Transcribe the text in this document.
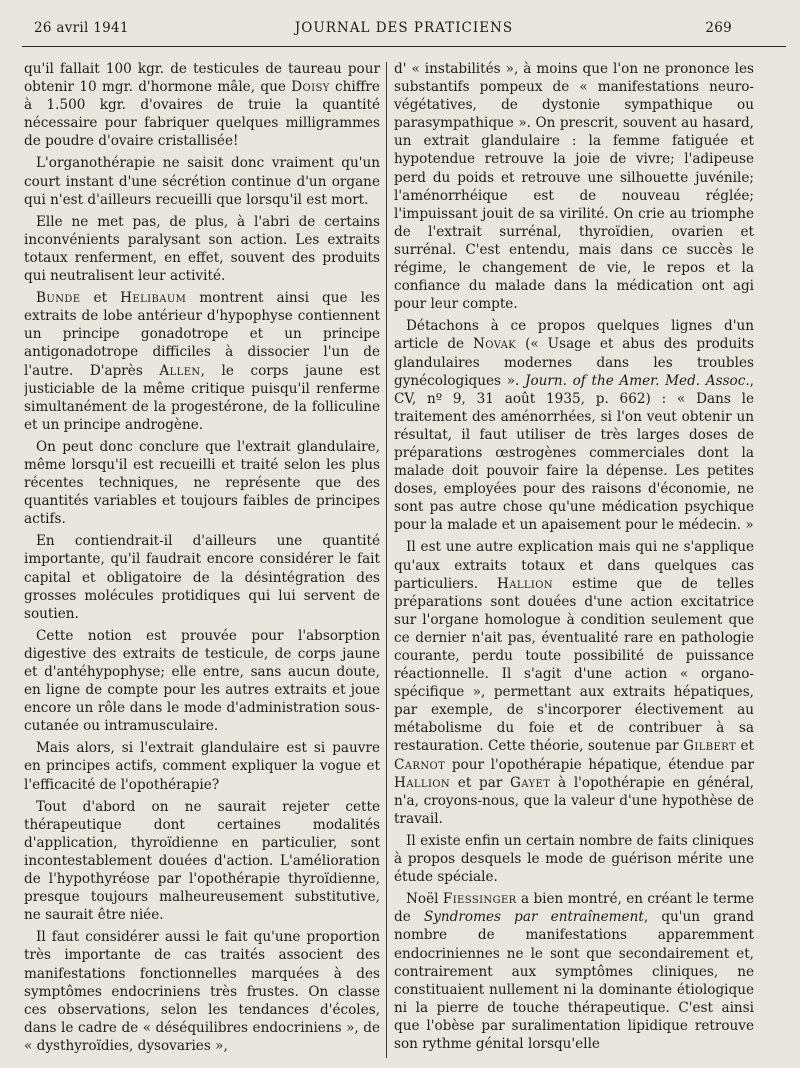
26 avril 1941	JOURNAL DES PRATICIENS	269

qu'il fallait 100 kgr. de testicules de taureau pour obtenir 10 mgr. d'hormone mâle, que Doisy chiffre à 1.500 kgr. d'ovaires de truie la quantité nécessaire pour fabriquer quelques milligrammes de poudre d'ovaire cristallisée!

L'organothérapie ne saisit donc vraiment qu'un court instant d'une sécrétion continue d'un organe qui n'est d'ailleurs recueilli que lorsqu'il est mort.

Elle ne met pas, de plus, à l'abri de certains inconvénients paralysant son action. Les extraits totaux renferment, en effet, souvent des produits qui neutralisent leur activité.

Bunde et Helibaum montrent ainsi que les extraits de lobe antérieur d'hypophyse contiennent un principe gonadotrope et un principe antigonadotrope difficiles à dissocier l'un de l'autre. D'après Allen, le corps jaune est justiciable de la même critique puisqu'il renferme simultanément de la progestérone, de la folliculine et un principe androgène.

On peut donc conclure que l'extrait glandulaire, même lorsqu'il est recueilli et traité selon les plus récentes techniques, ne représente que des quantités variables et toujours faibles de principes actifs.

En contiendrait-il d'ailleurs une quantité importante, qu'il faudrait encore considérer le fait capital et obligatoire de la désintégration des grosses molécules protidiques qui lui servent de soutien.

Cette notion est prouvée pour l'absorption digestive des extraits de testicule, de corps jaune et d'antéhypophyse; elle entre, sans aucun doute, en ligne de compte pour les autres extraits et joue encore un rôle dans le mode d'administration sous-cutanée ou intramusculaire.

Mais alors, si l'extrait glandulaire est si pauvre en principes actifs, comment expliquer la vogue et l'efficacité de l'opothérapie?

Tout d'abord on ne saurait rejeter cette thérapeutique dont certaines modalités d'application, thyroïdienne en particulier, sont incontestablement douées d'action. L'amélioration de l'hypothyréose par l'opothérapie thyroïdienne, presque toujours malheureusement substitutive, ne saurait être niée.

Il faut considérer aussi le fait qu'une proportion très importante de cas traités associent des manifestations fonctionnelles marquées à des symptômes endocriniens très frustes. On classe ces observations, selon les tendances d'écoles, dans le cadre de « déséquilibres endocriniens », de « dysthyroïdies, dysovaries »,

d' « instabilités », à moins que l'on ne prononce les substantifs pompeux de « manifestations neuro-végétatives, de dystonie sympathique ou parasympathique ». On prescrit, souvent au hasard, un extrait glandulaire : la femme fatiguée et hypotendue retrouve la joie de vivre; l'adipeuse perd du poids et retrouve une silhouette juvénile; l'aménorrhéique est de nouveau réglée; l'impuissant jouit de sa virilité. On crie au triomphe de l'extrait surrénal, thyroïdien, ovarien et surrénal. C'est entendu, mais dans ce succès le régime, le changement de vie, le repos et la confiance du malade dans la médication ont agi pour leur compte.

Détachons à ce propos quelques lignes d'un article de Novak (« Usage et abus des produits glandulaires modernes dans les troubles gynécologiques ». Journ. of the Amer. Med. Assoc., CV, nº 9, 31 août 1935, p. 662) : « Dans le traitement des aménorrhées, si l'on veut obtenir un résultat, il faut utiliser de très larges doses de préparations œstrogènes commerciales dont la malade doit pouvoir faire la dépense. Les petites doses, employées pour des raisons d'économie, ne sont pas autre chose qu'une médication psychique pour la malade et un apaisement pour le médecin. »

Il est une autre explication mais qui ne s'applique qu'aux extraits totaux et dans quelques cas particuliers. Hallion estime que de telles préparations sont douées d'une action excitatrice sur l'organe homologue à condition seulement que ce dernier n'ait pas, éventualité rare en pathologie courante, perdu toute possibilité de puissance réactionnelle. Il s'agit d'une action « organo-spécifique », permettant aux extraits hépatiques, par exemple, de s'incorporer électivement au métabolisme du foie et de contribuer à sa restauration. Cette théorie, soutenue par Gilbert et Carnot pour l'opothérapie hépatique, étendue par Hallion et par Gayet à l'opothérapie en général, n'a, croyons-nous, que la valeur d'une hypothèse de travail.

Il existe enfin un certain nombre de faits cliniques à propos desquels le mode de guérison mérite une étude spéciale.

Noël Fiessinger a bien montré, en créant le terme de Syndromes par entraînement, qu'un grand nombre de manifestations apparemment endocriniennes ne le sont que secondairement et, contrairement aux symptômes cliniques, ne constituaient nullement ni la dominante étiologique ni la pierre de touche thérapeutique. C'est ainsi que l'obèse par suralimentation lipidique retrouve son rythme génital lorsqu'elle
